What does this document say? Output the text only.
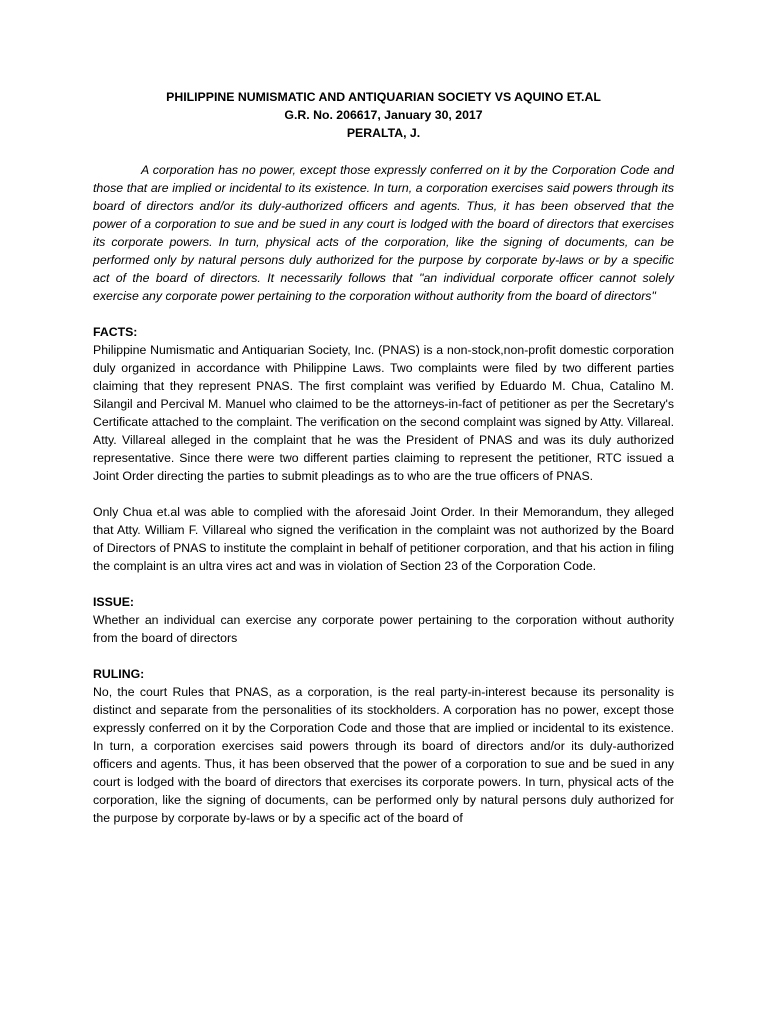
PHILIPPINE NUMISMATIC AND ANTIQUARIAN SOCIETY VS AQUINO ET.AL
G.R. No. 206617, January 30, 2017
PERALTA, J.

A corporation has no power, except those expressly conferred on it by the Corporation Code and those that are implied or incidental to its existence. In turn, a corporation exercises said powers through its board of directors and/or its duly-authorized officers and agents. Thus, it has been observed that the power of a corporation to sue and be sued in any court is lodged with the board of directors that exercises its corporate powers. In turn, physical acts of the corporation, like the signing of documents, can be performed only by natural persons duly authorized for the purpose by corporate by-laws or by a specific act of the board of directors. It necessarily follows that "an individual corporate officer cannot solely exercise any corporate power pertaining to the corporation without authority from the board of directors"

FACTS:

Philippine Numismatic and Antiquarian Society, Inc. (PNAS) is a non-stock,non-profit domestic corporation duly organized in accordance with Philippine Laws. Two complaints were filed by two different parties claiming that they represent PNAS. The first complaint was verified by Eduardo M. Chua, Catalino M. Silangil and Percival M. Manuel who claimed to be the attorneys-in-fact of petitioner as per the Secretary's Certificate attached to the complaint. The verification on the second complaint was signed by Atty. Villareal. Atty. Villareal alleged in the complaint that he was the President of PNAS and was its duly authorized representative. Since there were two different parties claiming to represent the petitioner, RTC issued a Joint Order directing the parties to submit pleadings as to who are the true officers of PNAS.

Only Chua et.al was able to complied with the aforesaid Joint Order. In their Memorandum, they alleged that Atty. William F. Villareal who signed the verification in the complaint was not authorized by the Board of Directors of PNAS to institute the complaint in behalf of petitioner corporation, and that his action in filing the complaint is an ultra vires act and was in violation of Section 23 of the Corporation Code.

ISSUE:

Whether an individual can exercise any corporate power pertaining to the corporation without authority from the board of directors

RULING:

No, the court Rules that PNAS, as a corporation, is the real party-in-interest because its personality is distinct and separate from the personalities of its stockholders. A corporation has no power, except those expressly conferred on it by the Corporation Code and those that are implied or incidental to its existence. In turn, a corporation exercises said powers through its board of directors and/or its duly-authorized officers and agents. Thus, it has been observed that the power of a corporation to sue and be sued in any court is lodged with the board of directors that exercises its corporate powers. In turn, physical acts of the corporation, like the signing of documents, can be performed only by natural persons duly authorized for the purpose by corporate by-laws or by a specific act of the board of
